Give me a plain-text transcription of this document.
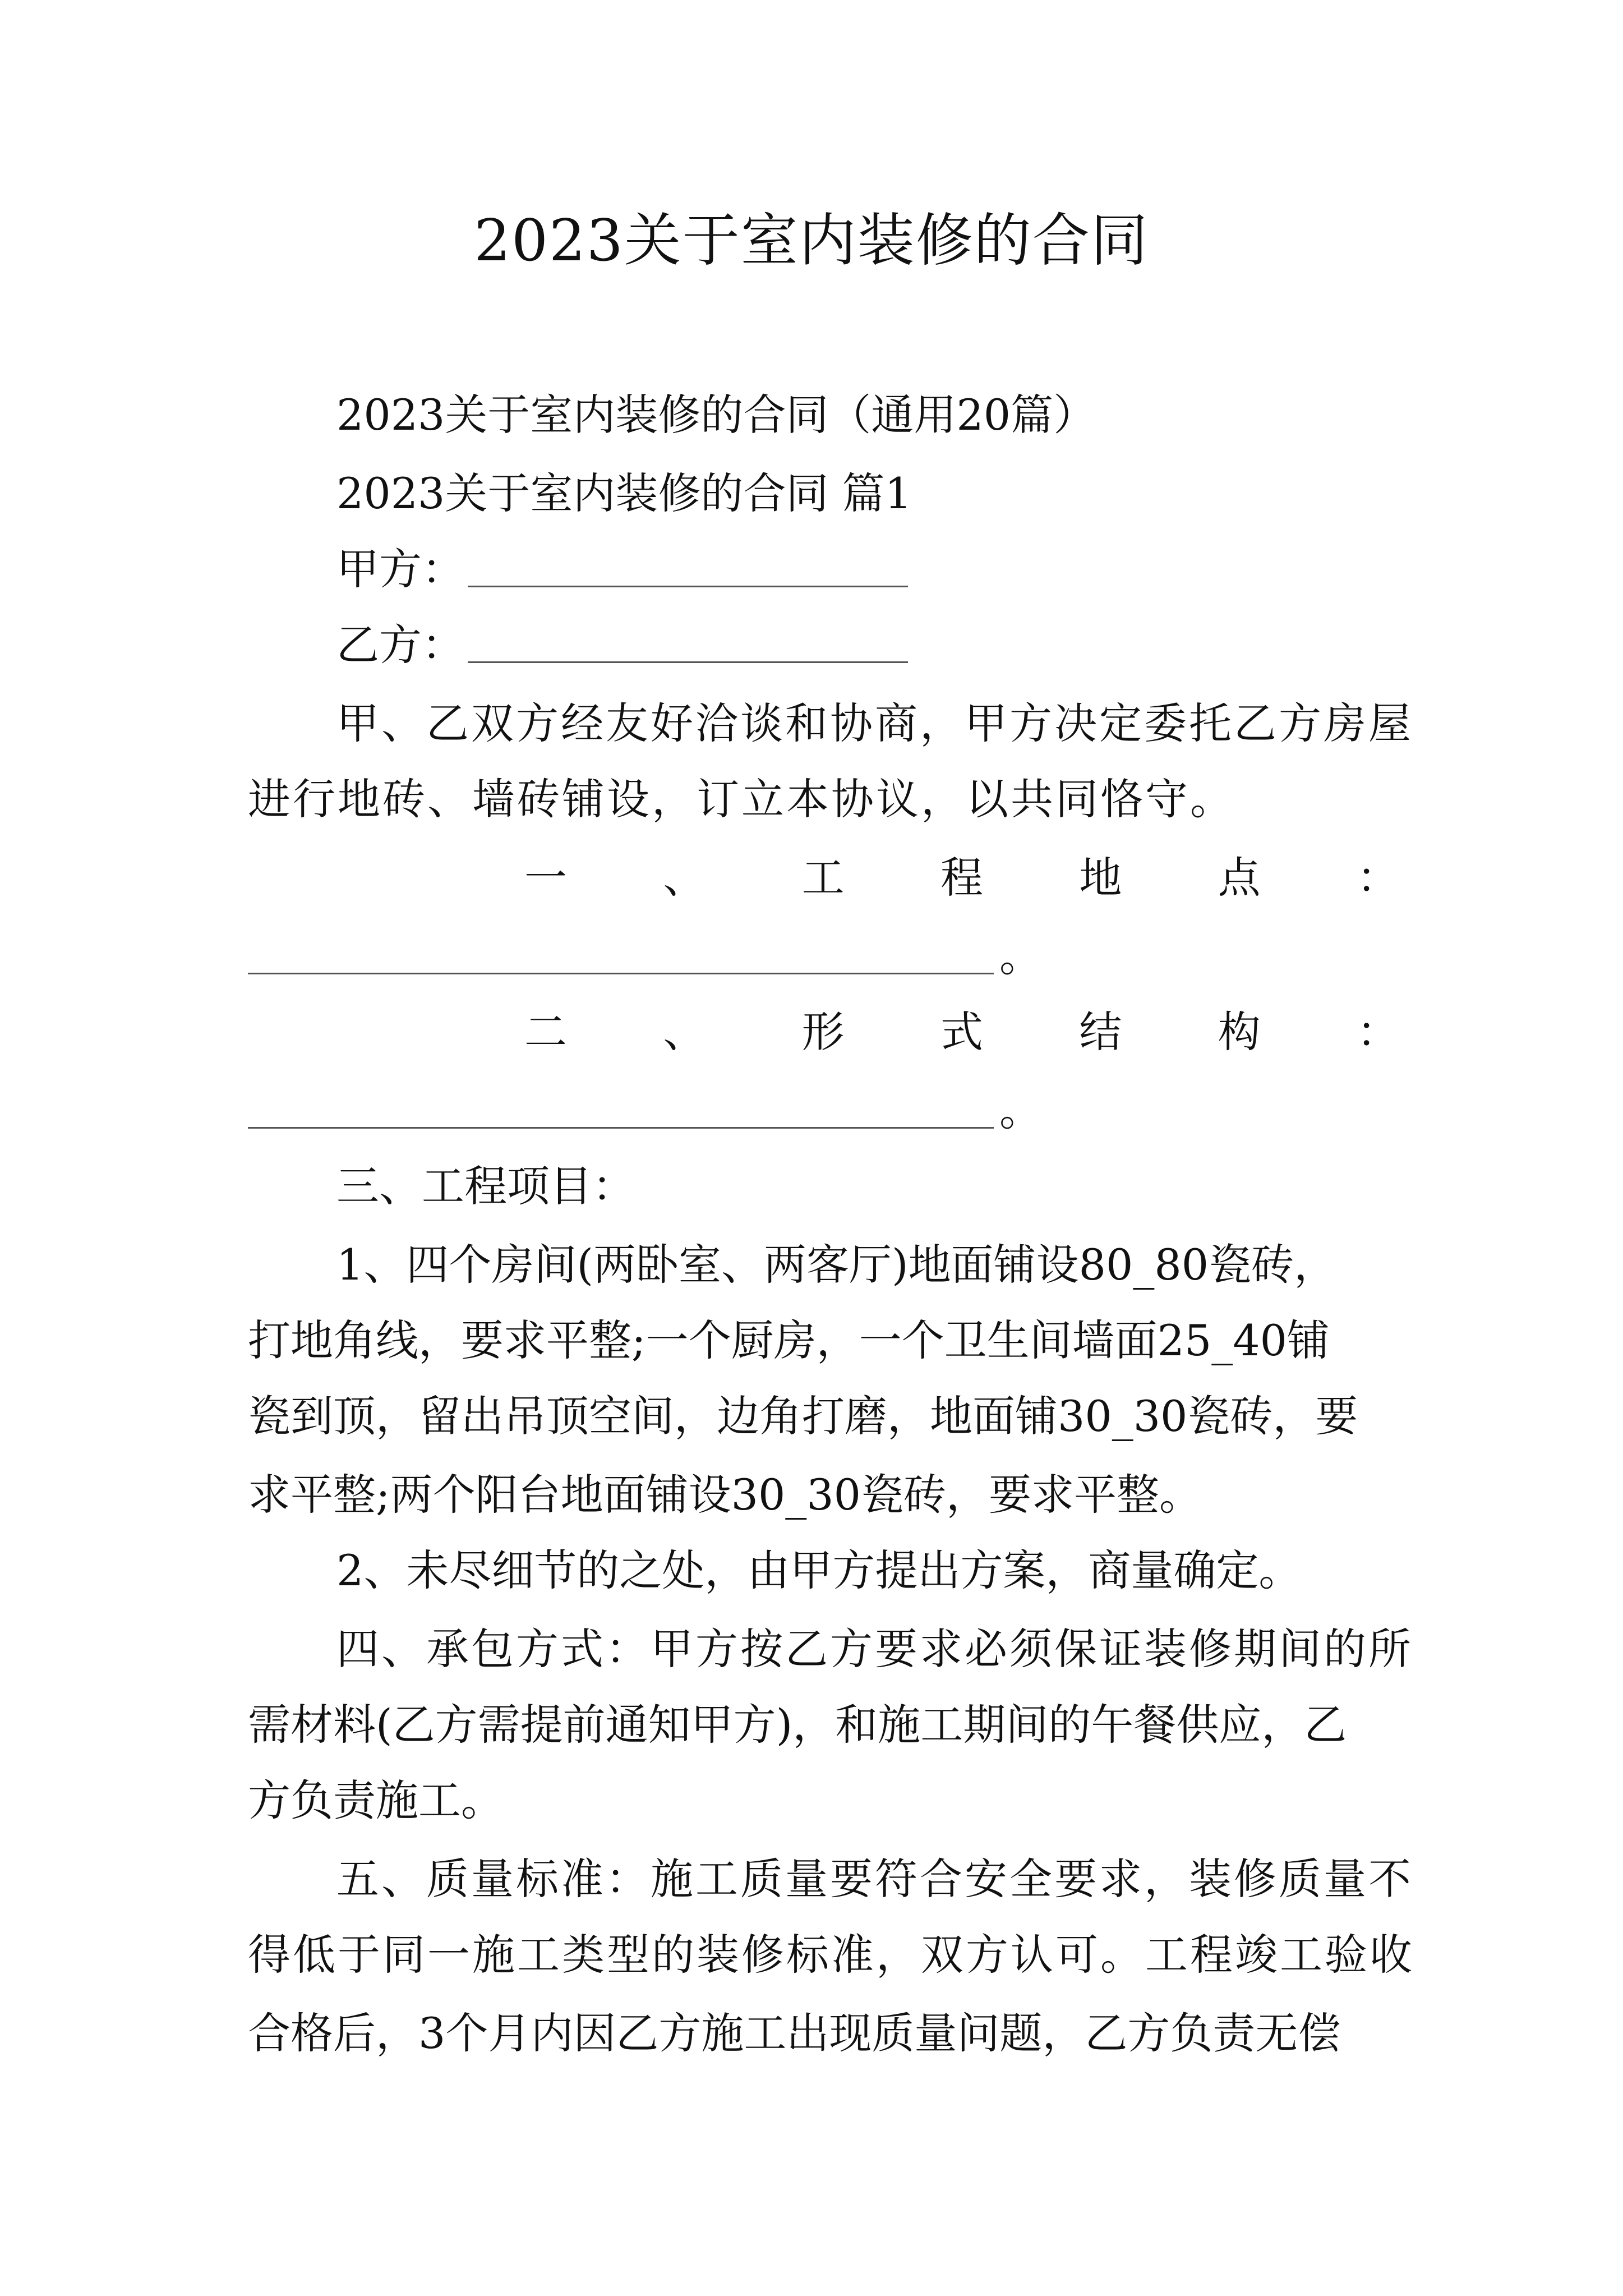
2023关于室内装修的合同

2023关于室内装修的合同（通用20篇）

2023关于室内装修的合同 篇1

甲方：

乙方：

甲、乙双方经友好洽谈和协商，甲方决定委托乙方房屋

进行地砖、墙砖铺设，订立本协议，以共同恪守。

一 、 工 程 地 点 ：

。

二 、 形 式 结 构 ：

。

三、工程项目：

1、四个房间(两卧室、两客厅)地面铺设80_80瓷砖，

打地角线，要求平整;一个厨房，一个卫生间墙面25_40铺

瓷到顶，留出吊顶空间，边角打磨，地面铺30_30瓷砖，要

求平整;两个阳台地面铺设30_30瓷砖，要求平整。

2、未尽细节的之处，由甲方提出方案，商量确定。

四、承包方式：甲方按乙方要求必须保证装修期间的所

需材料(乙方需提前通知甲方)，和施工期间的午餐供应，乙

方负责施工。

五、质量标准：施工质量要符合安全要求，装修质量不

得低于同一施工类型的装修标准，双方认可。工程竣工验收

合格后，3个月内因乙方施工出现质量问题，乙方负责无偿
